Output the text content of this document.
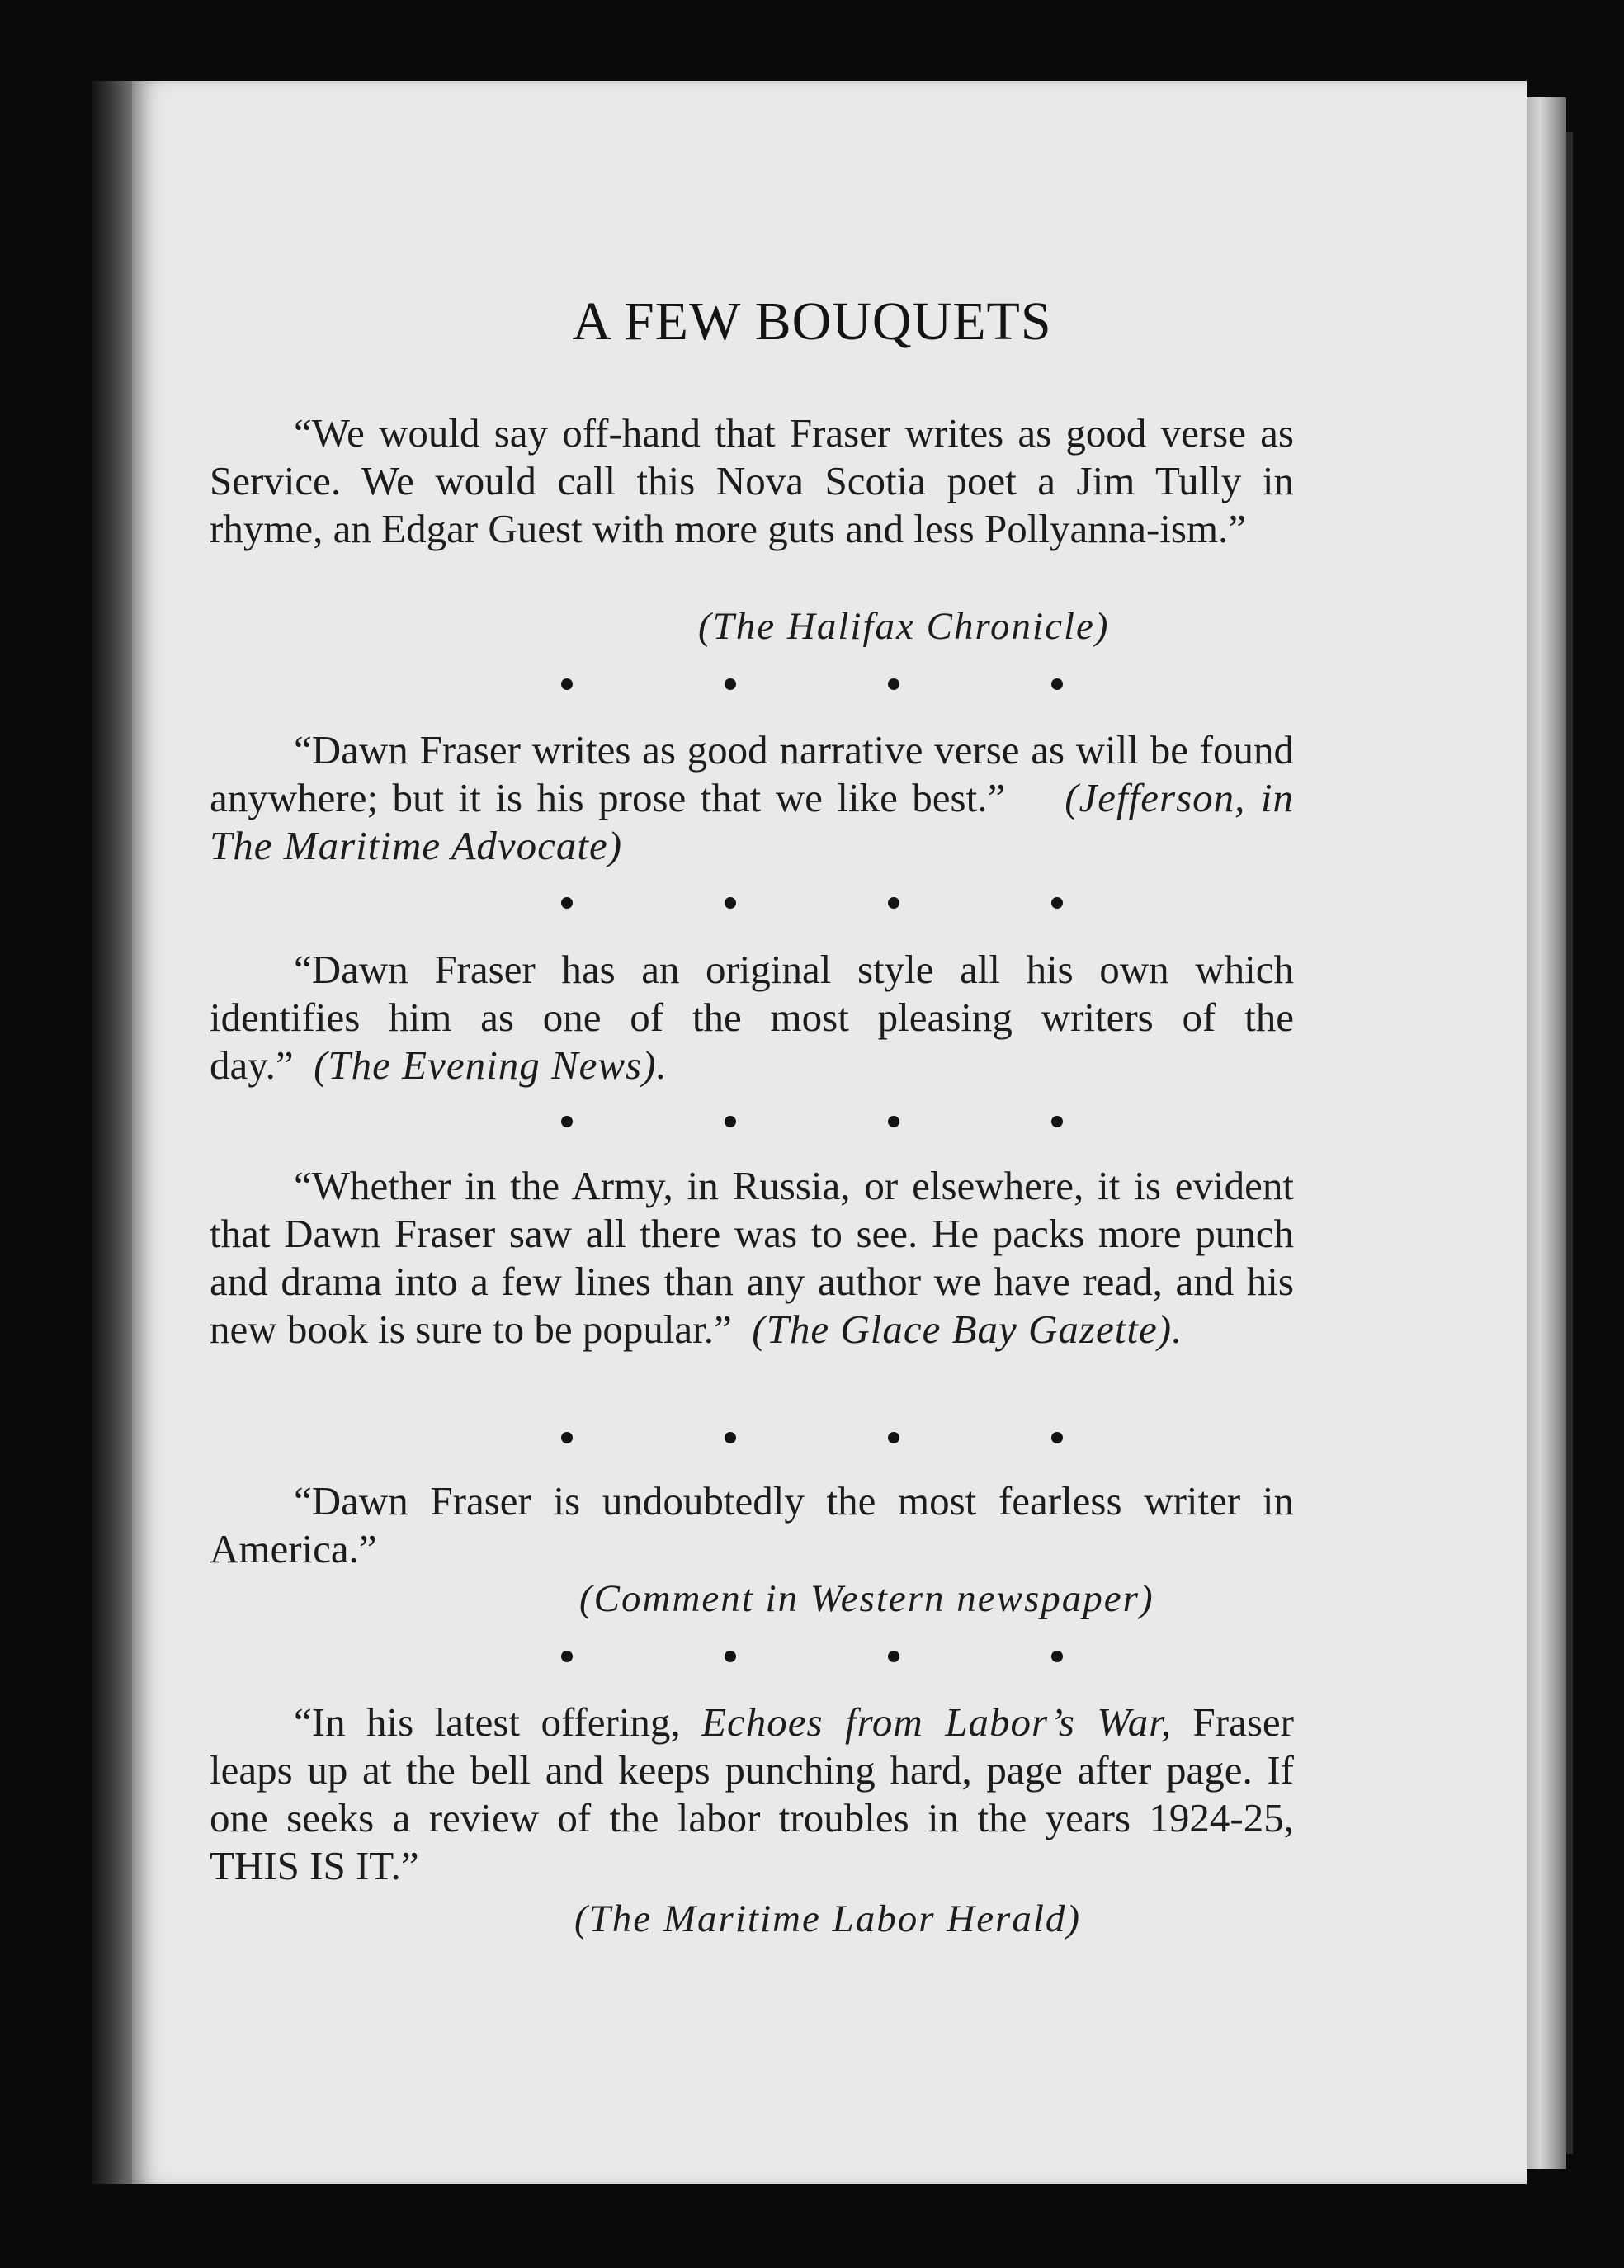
A FEW BOUQUETS
“We would say off-hand that Fraser writes as good verse as Service. We would call this Nova Scotia poet a Jim Tully in rhyme, an Edgar Guest with more guts and less Pollyanna-ism.”
(The Halifax Chronicle)
“Dawn Fraser writes as good narrative verse as will be found anywhere; but it is his prose that we like best.” (Jefferson, in The Maritime Advocate)
“Dawn Fraser has an original style all his own which identifies him as one of the most pleasing writers of the day.” (The Evening News).
“Whether in the Army, in Russia, or elsewhere, it is evident that Dawn Fraser saw all there was to see. He packs more punch and drama into a few lines than any author we have read, and his new book is sure to be popular.” (The Glace Bay Gazette).
“Dawn Fraser is undoubtedly the most fearless writer in America.”
(Comment in Western newspaper)
“In his latest offering, Echoes from Labor’s War, Fraser leaps up at the bell and keeps punching hard, page after page. If one seeks a review of the labor troubles in the years 1924-25, THIS IS IT.”
(The Maritime Labor Herald)
